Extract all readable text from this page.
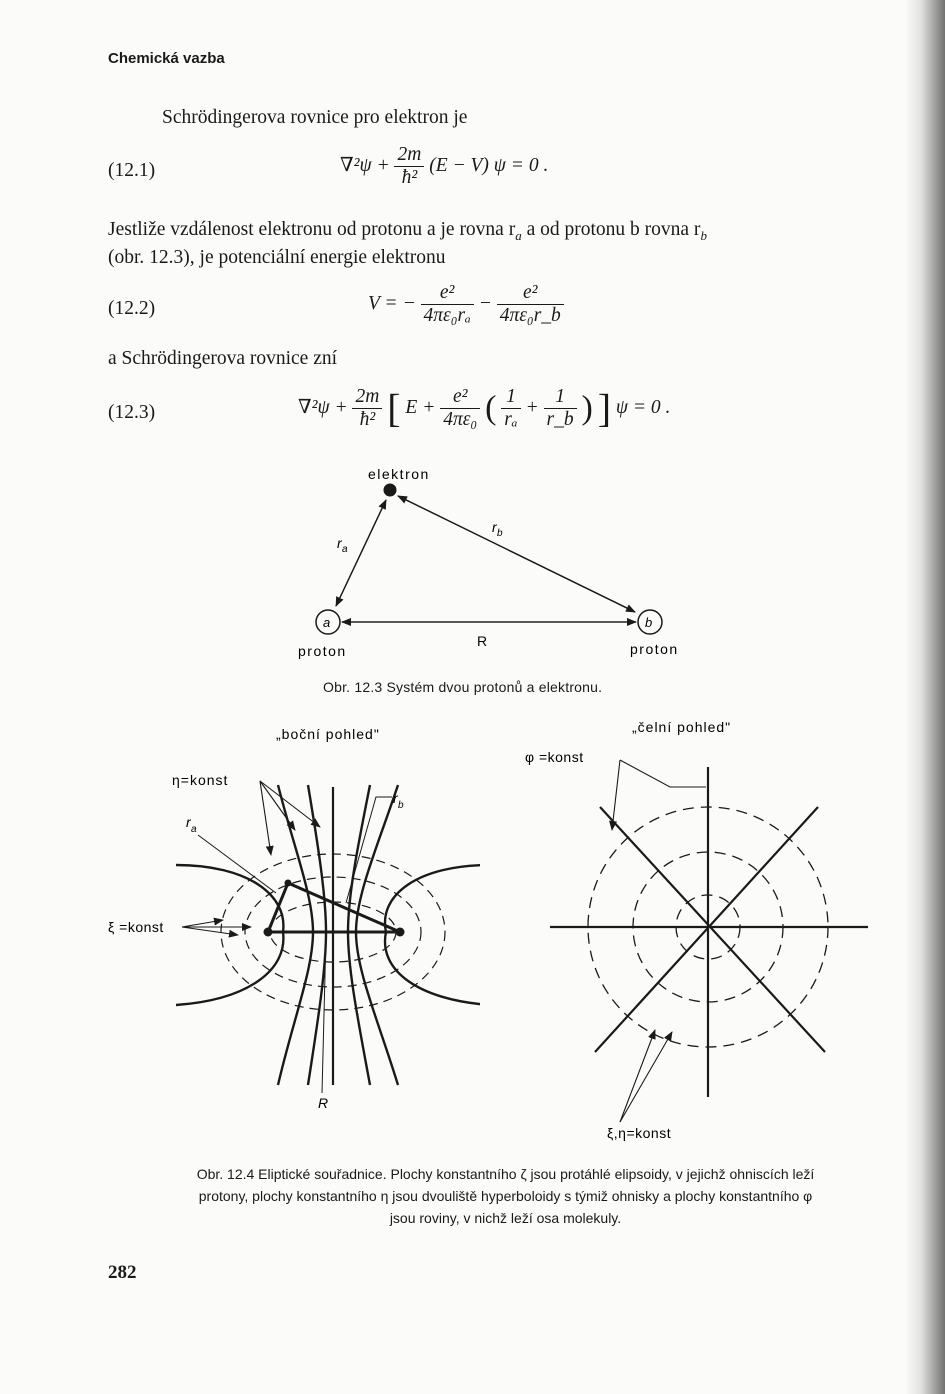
Chemická vazba
Schrödingerova rovnice pro elektron je
(12.1)	$\nabla^2\psi + \frac{2m}{\text{ħ²}} (E - V) \psi = 0$ .
Jestliže vzdálenost elektronu od protonu a je rovna $r_a$ a od protonu b rovna $r_b$
(obr. 12.3), je potenciální energie elektronu
(12.2)	V = − $\frac{\text{e²}}{\text{4πε₀rₐ}} - \frac{\text{e²}}{\text{4πε₀r\_b}}$
a Schrödingerova rovnice zní
(12.3)	$\nabla^2\psi + \frac{2m}{\text{ħ²}}$ [ $E + \frac{\text{e²}}{\text{4πε₀}}$ ( $\frac{1}{\text{rₐ}} + \frac{1}{r\_b}$ ) ] ψ = 0 .
elektron
a	b
r a
r b
R
proton	proton
Obr. 12.3 Systém dvou protonů a elektronu.
„boční pohled"
η=konst
r a
r b
ξ =konst
R
„čelní pohled"
φ =konst
ξ,η=konst
Obr. 12.4 Eliptické souřadnice. Plochy konstantního ζ jsou protáhlé elipsoidy, v jejichž ohniscích leží
protony, plochy konstantního η jsou dvouliště hyperboloidy s týmiž ohnisky a plochy konstantního φ
jsou roviny, v nichž leží osa molekuly.
282
